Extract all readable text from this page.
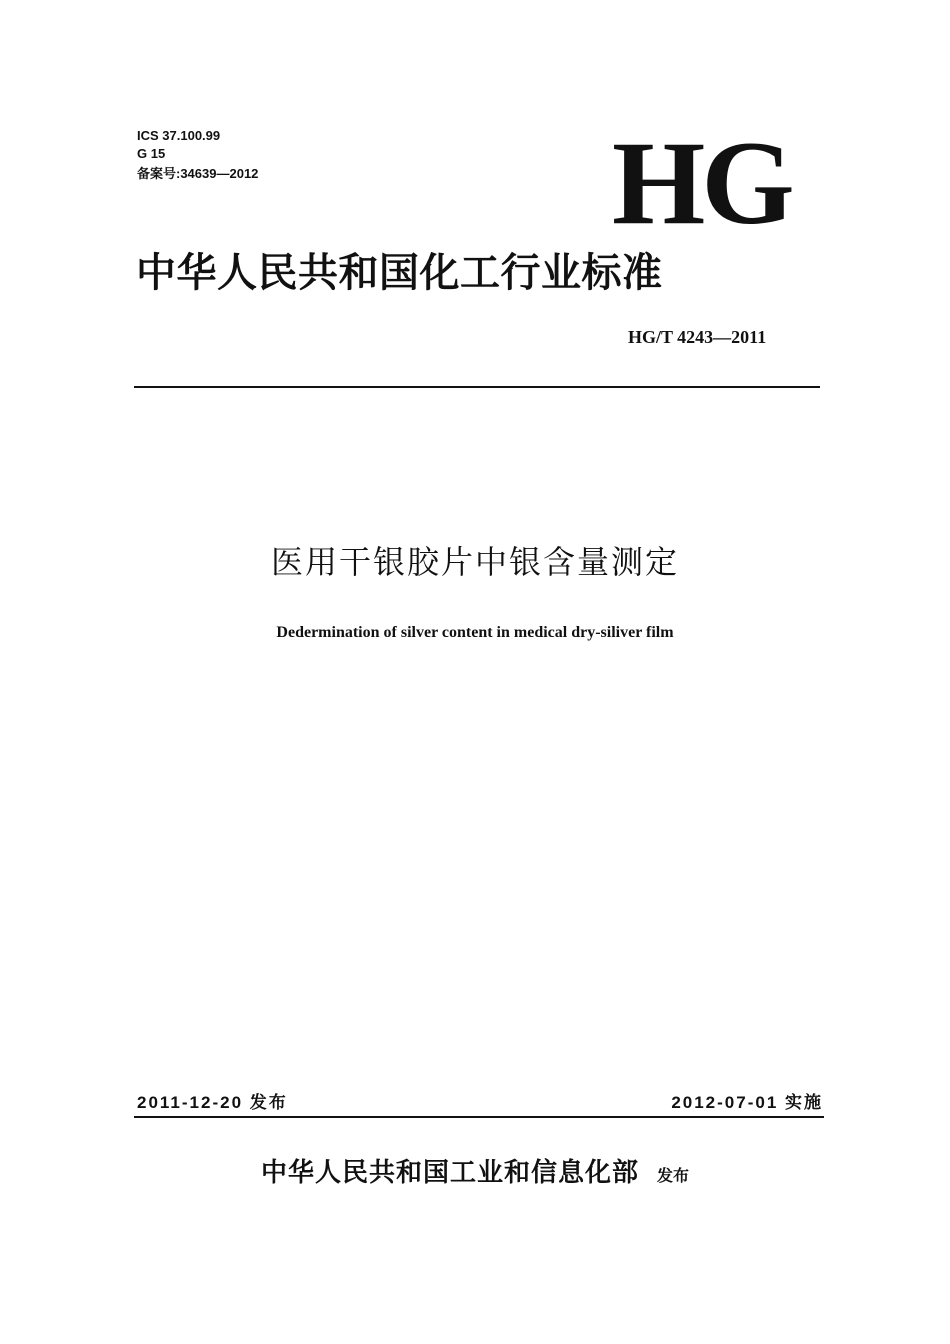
ICS 37.100.99
G 15
备案号:34639—2012	HG
中华人民共和国化工行业标准
HG/T 4243—2011
医用干银胶片中银含量测定
Dedermination of silver content in medical dry-siliver film
2011-12-20 发布	2012-07-01 实施
中华人民共和国工业和信息化部 发布
